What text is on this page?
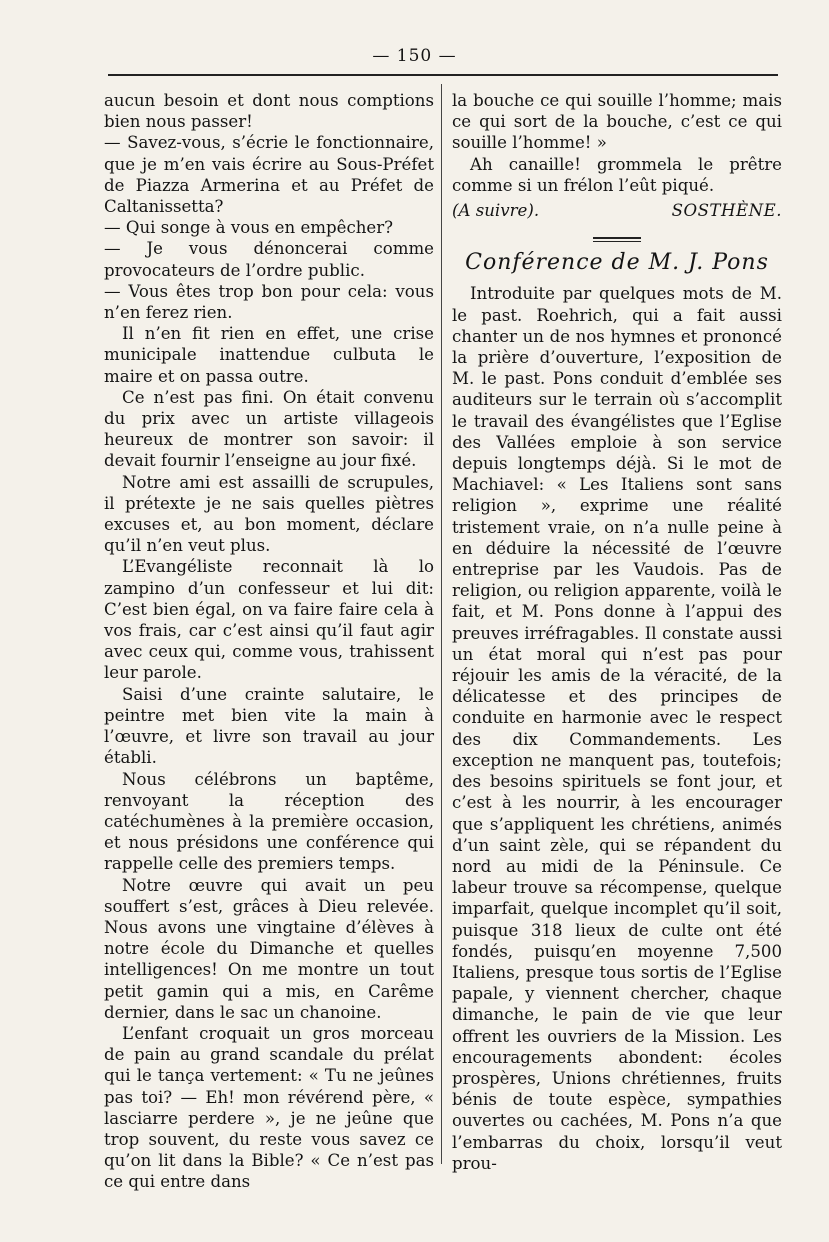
— 150 —

aucun besoin et dont nous comptions bien nous passer!

— Savez-vous, s’écrie le fonctionnaire, que je m’en vais écrire au Sous-Préfet de Piazza Armerina et au Préfet de Caltanissetta?

— Qui songe à vous en empêcher?

— Je vous dénoncerai comme provocateurs de l’ordre public.

— Vous êtes trop bon pour cela: vous n’en ferez rien.

Il n’en fit rien en effet, une crise municipale inattendue culbuta le maire et on passa outre.

Ce n’est pas fini. On était convenu du prix avec un artiste villageois heureux de montrer son savoir: il devait fournir l’enseigne au jour fixé.

Notre ami est assailli de scrupules, il prétexte je ne sais quelles piètres excuses et, au bon moment, déclare qu’il n’en veut plus.

L’Evangéliste reconnait là lo zampino d’un confesseur et lui dit: C’est bien égal, on va faire faire cela à vos frais, car c’est ainsi qu’il faut agir avec ceux qui, comme vous, trahissent leur parole.

Saisi d’une crainte salutaire, le peintre met bien vite la main à l’œuvre, et livre son travail au jour établi.

Nous célébrons un baptême, renvoyant la réception des catéchumènes à la première occasion, et nous présidons une conférence qui rappelle celle des premiers temps.

Notre œuvre qui avait un peu souffert s’est, grâces à Dieu relevée. Nous avons une vingtaine d’élèves à notre école du Dimanche et quelles intelligences! On me montre un tout petit gamin qui a mis, en Carême dernier, dans le sac un chanoine.

L’enfant croquait un gros morceau de pain au grand scandale du prélat qui le tança vertement: « Tu ne jeûnes pas toi? — Eh! mon révérend père, « lasciarre perdere », je ne jeûne que trop souvent, du reste vous savez ce qu’on lit dans la Bible? « Ce n’est pas ce qui entre dans

la bouche ce qui souille l’homme; mais ce qui sort de la bouche, c’est ce qui souille l’homme! »

Ah canaille! grommela le prêtre comme si un frélon l’eût piqué.

(A suivre).	SOSTHÈNE.
Conférence de M. J. Pons

Introduite par quelques mots de M. le past. Roehrich, qui a fait aussi chanter un de nos hymnes et prononcé la prière d’ouverture, l’exposition de M. le past. Pons conduit d’emblée ses auditeurs sur le terrain où s’accomplit le travail des évangélistes que l’Eglise des Vallées emploie à son service depuis longtemps déjà. Si le mot de Machiavel: « Les Italiens sont sans religion », exprime une réalité tristement vraie, on n’a nulle peine à en déduire la nécessité de l’œuvre entreprise par les Vaudois. Pas de religion, ou religion apparente, voilà le fait, et M. Pons donne à l’appui des preuves irréfragables. Il constate aussi un état moral qui n’est pas pour réjouir les amis de la véracité, de la délicatesse et des principes de conduite en harmonie avec le respect des dix Commandements. Les exception ne manquent pas, toutefois; des besoins spirituels se font jour, et c’est à les nourrir, à les encourager que s’appliquent les chrétiens, animés d’un saint zèle, qui se répandent du nord au midi de la Péninsule. Ce labeur trouve sa récompense, quelque imparfait, quelque incomplet qu’il soit, puisque 318 lieux de culte ont été fondés, puisqu’en moyenne 7,500 Italiens, presque tous sortis de l’Eglise papale, y viennent chercher, chaque dimanche, le pain de vie que leur offrent les ouvriers de la Mission. Les encouragements abondent: écoles prospères, Unions chrétiennes, fruits bénis de toute espèce, sympathies ouvertes ou cachées, M. Pons n’a que l’embarras du choix, lorsqu’il veut prou-
